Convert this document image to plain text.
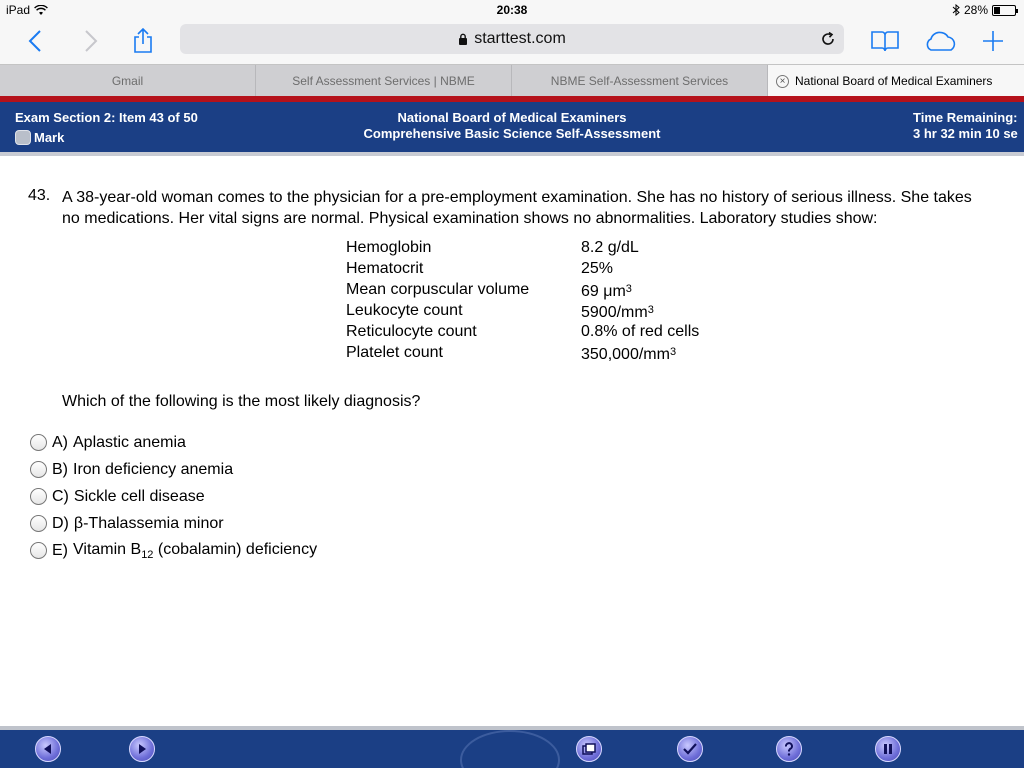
iPad	20:38	28%
starttest.com
Gmail	Self Assessment Services | NBME	NBME Self-Assessment Services	× National Board of Medical Examiners
Exam Section 2: Item 43 of 50
Mark
National Board of Medical Examiners
Comprehensive Basic Science Self-Assessment
Time Remaining:
3 hr 32 min 10 se
43. A 38-year-old woman comes to the physician for a pre-employment examination. She has no history of serious illness. She takes no medications. Her vital signs are normal. Physical examination shows no abnormalities. Laboratory studies show:
Hemoglobin	8.2 g/dL
Hematocrit	25%
Mean corpuscular volume	69 $\mu m^3$
Leukocyte count	$5900/mm^3$
Reticulocyte count	0.8% of red cells
Platelet count	$350,000/mm^3$
Which of the following is the most likely diagnosis?
A) Aplastic anemia
B) Iron deficiency anemia
C) Sickle cell disease
D) β-Thalassemia minor
E) Vitamin $B_{12}$ (cobalamin) deficiency
